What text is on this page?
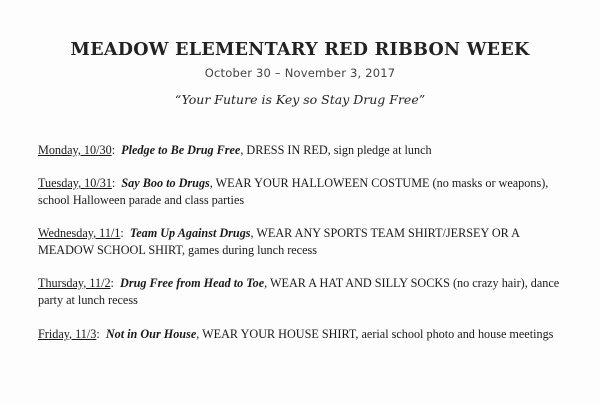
MEADOW ELEMENTARY RED RIBBON WEEK
October 30 – November 3, 2017
“Your Future is Key so Stay Drug Free”

Monday, 10/30:  Pledge to Be Drug Free, DRESS IN RED, sign pledge at lunch

Tuesday, 10/31:  Say Boo to Drugs, WEAR YOUR HALLOWEEN COSTUME (no masks or weapons), school Halloween parade and class parties

Wednesday, 11/1:  Team Up Against Drugs, WEAR ANY SPORTS TEAM SHIRT/JERSEY OR A MEADOW SCHOOL SHIRT, games during lunch recess

Thursday, 11/2:  Drug Free from Head to Toe, WEAR A HAT AND SILLY SOCKS (no crazy hair), dance party at lunch recess

Friday, 11/3:  Not in Our House, WEAR YOUR HOUSE SHIRT, aerial school photo and house meetings
